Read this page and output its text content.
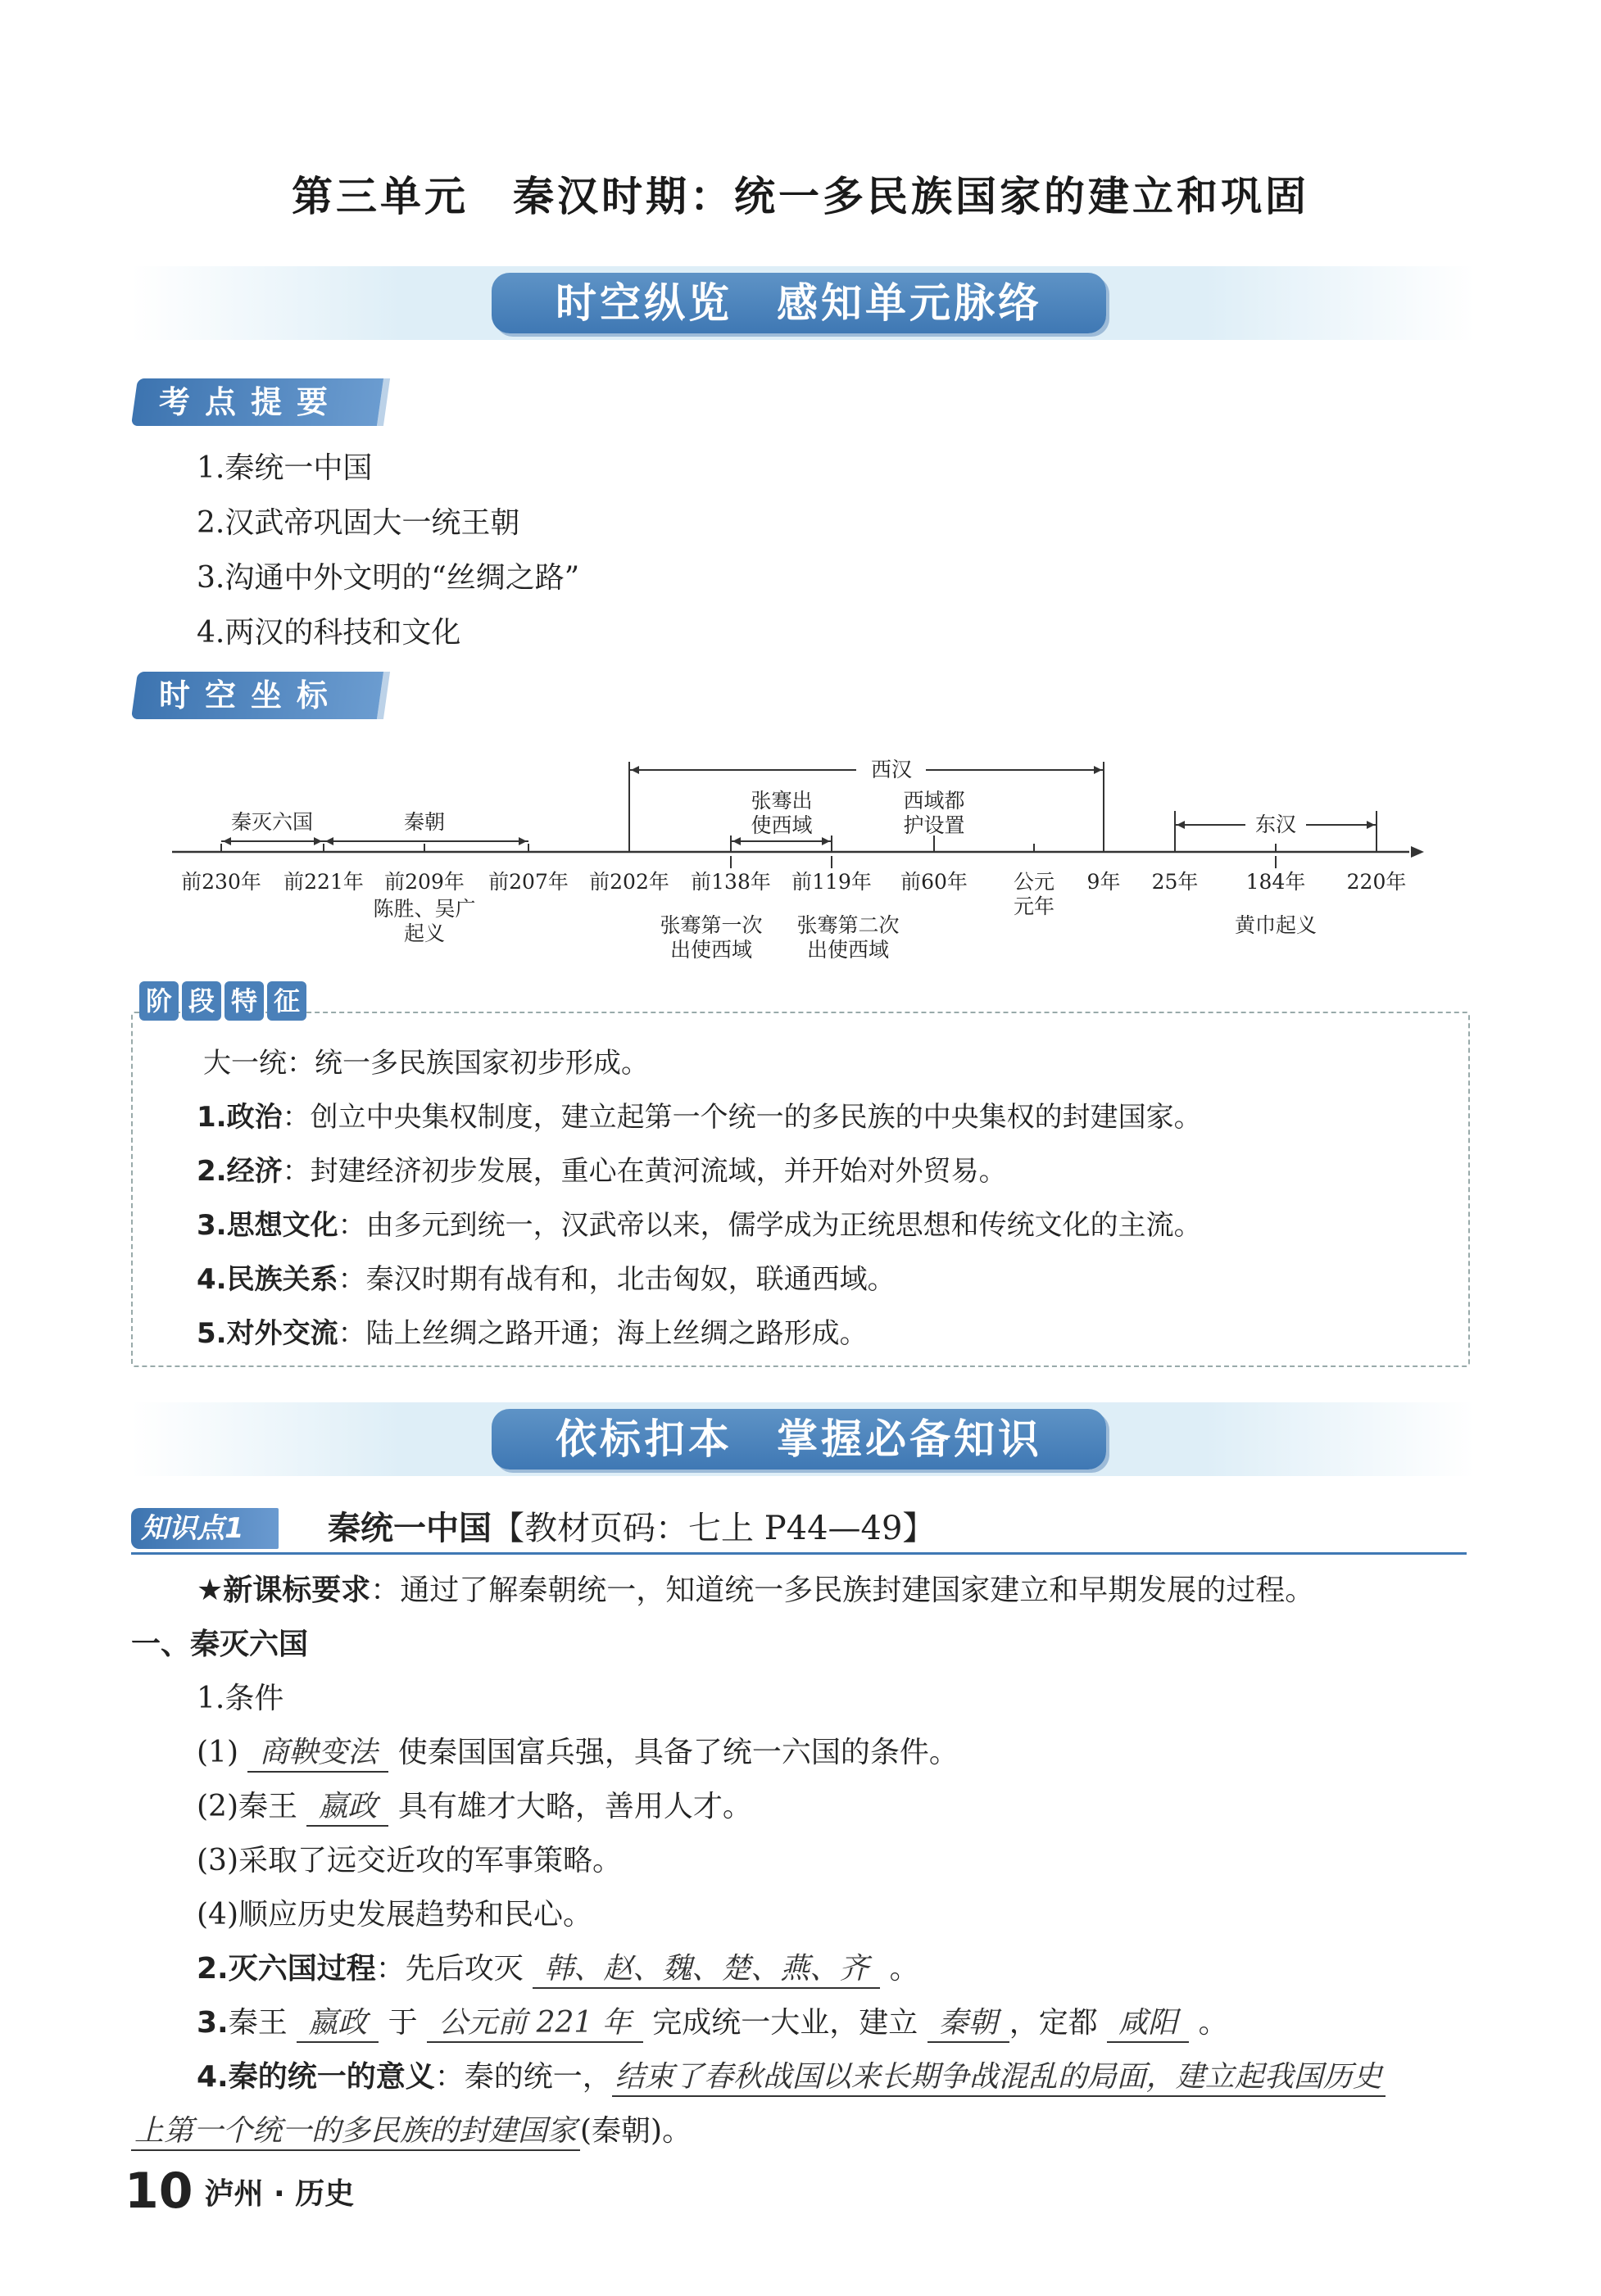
第三单元　秦汉时期：统一多民族国家的建立和巩固
时空纵览　感知单元脉络
考点提要
1.秦统一中国
2.汉武帝巩固大一统王朝
3.沟通中外文明的“丝绸之路”
4.两汉的科技和文化
时空坐标
秦灭六国	秦朝
西汉
东汉
张骞出
使西域
西域都
护设置
前230年 前221年 前209年 前207年 前202年 前138年 前119年 前60年 公元
元年
9年 25年 184年 220年
陈胜、吴广
起义	张骞第一次
出使西域
张骞第二次
出使西域
黄巾起义
阶 段 特 征
大一统：统一多民族国家初步形成。
1.政治：创立中央集权制度，建立起第一个统一的多民族的中央集权的封建国家。
2.经济：封建经济初步发展，重心在黄河流域，并开始对外贸易。
3.思想文化：由多元到统一，汉武帝以来，儒学成为正统思想和传统文化的主流。
4.民族关系：秦汉时期有战有和，北击匈奴，联通西域。
5.对外交流：陆上丝绸之路开通；海上丝绸之路形成。
依标扣本　掌握必备知识
知识点1	秦统一中国【教材页码：七上 P44—49】
★新课标要求：通过了解秦朝统一，知道统一多民族封建国家建立和早期发展的过程。
一、秦灭六国
1.条件
(1) 商鞅变法 使秦国国富兵强，具备了统一六国的条件。
(2)秦王 嬴政 具有雄才大略，善用人才。
(3)采取了远交近攻的军事策略。
(4)顺应历史发展趋势和民心。
2.灭六国过程：先后攻灭 韩、赵、魏、楚、燕、齐 。
3.秦王 嬴政 于 公元前 221 年 完成统一大业，建立 秦朝 ，定都 咸阳 。
4.秦的统一的意义：秦的统一， 结束了春秋战国以来长期争战混乱的局面，建立起我国历史
上第一个统一的多民族的封建国家 (秦朝)。
10 泸州 · 历史
